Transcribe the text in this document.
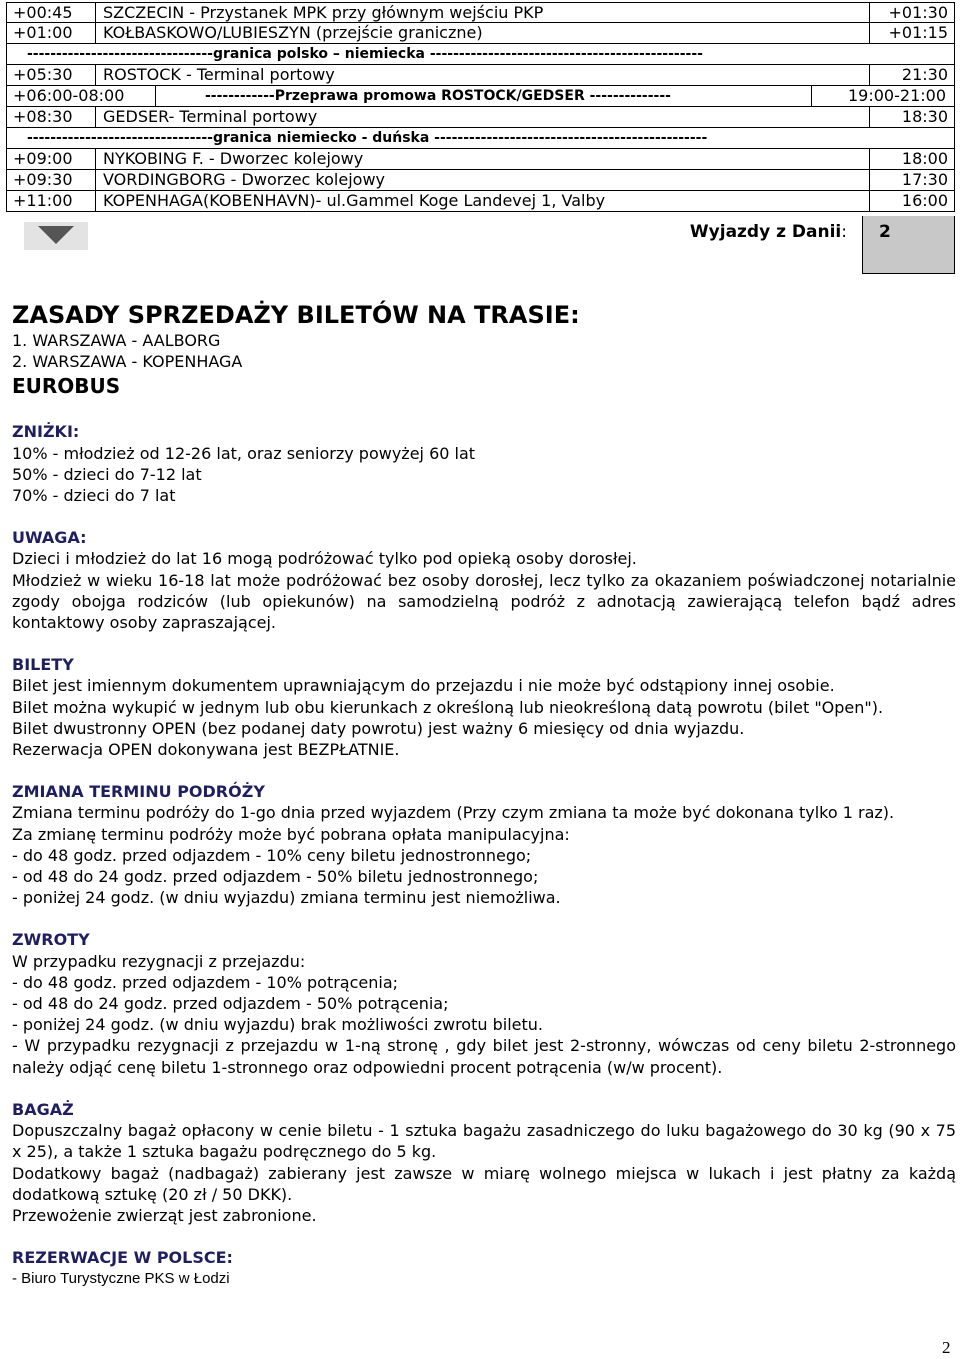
+00:45 SZCZECIN - Przystanek MPK przy głównym wejściu PKP	+01:30
+01:00 KOŁBASKOWO/LUBIESZYN (przejście graniczne)	+01:15
--------------------------------granica polsko – niemiecka -----------------------------------------------
+05:30 ROSTOCK - Terminal portowy	21:30
+06:00-08:00	------------Przeprawa promowa ROSTOCK/GEDSER --------------	19:00-21:00
+08:30 GEDSER- Terminal portowy	18:30
--------------------------------granica niemiecko - duńska -----------------------------------------------
+09:00 NYKOBING F. - Dworzec kolejowy	18:00
+09:30 VORDINGBORG - Dworzec kolejowy	17:30
+11:00 KOPENHAGA(KOBENHAVN)- ul.Gammel Koge Landevej 1, Valby	16:00
Wyjazdy z Danii: 2

ZASADY SPRZEDAŻY BILETÓW NA TRASIE:

1. WARSZAWA - AALBORG

2. WARSZAWA - KOPENHAGA

EUROBUS

ZNIŻKI:

10% - młodzież od 12-26 lat, oraz seniorzy powyżej 60 lat

50% - dzieci do 7-12 lat

70% - dzieci do 7 lat

UWAGA:

Dzieci i młodzież do lat 16 mogą podróżować tylko pod opieką osoby dorosłej.

Młodzież w wieku 16-18 lat może podróżować bez osoby dorosłej, lecz tylko za okazaniem poświadczonej notarialnie zgody obojga rodziców (lub opiekunów) na samodzielną podróż z adnotacją zawierającą telefon bądź adres kontaktowy osoby zapraszającej.

BILETY

Bilet jest imiennym dokumentem uprawniającym do przejazdu i nie może być odstąpiony innej osobie.

Bilet można wykupić w jednym lub obu kierunkach z określoną lub nieokreśloną datą powrotu (bilet "Open").

Bilet dwustronny OPEN (bez podanej daty powrotu) jest ważny 6 miesięcy od dnia wyjazdu.

Rezerwacja OPEN dokonywana jest BEZPŁATNIE.

ZMIANA TERMINU PODRÓŻY

Zmiana terminu podróży do 1-go dnia przed wyjazdem (Przy czym zmiana ta może być dokonana tylko 1 raz).

Za zmianę terminu podróży może być pobrana opłata manipulacyjna:

- do 48 godz. przed odjazdem - 10% ceny biletu jednostronnego;

- od 48 do 24 godz. przed odjazdem - 50% biletu jednostronnego;

- poniżej 24 godz. (w dniu wyjazdu) zmiana terminu jest niemożliwa.

ZWROTY

W przypadku rezygnacji z przejazdu:

- do 48 godz. przed odjazdem - 10% potrącenia;

- od 48 do 24 godz. przed odjazdem - 50% potrącenia;

- poniżej 24 godz. (w dniu wyjazdu) brak możliwości zwrotu biletu.

- W przypadku rezygnacji z przejazdu w 1-ną stronę , gdy bilet jest 2-stronny, wówczas od ceny biletu 2-stronnego należy odjąć cenę biletu 1-stronnego oraz odpowiedni procent potrącenia (w/w procent).

BAGAŻ

Dopuszczalny bagaż opłacony w cenie biletu - 1 sztuka bagażu zasadniczego do luku bagażowego do 30 kg (90 x 75 x 25), a także 1 sztuka bagażu podręcznego do 5 kg.

Dodatkowy bagaż (nadbagaż) zabierany jest zawsze w miarę wolnego miejsca w lukach i jest płatny za każdą dodatkową sztukę (20 zł / 50 DKK).

Przewożenie zwierząt jest zabronione.

REZERWACJE W POLSCE:

- Biuro Turystyczne PKS w Łodzi

2
